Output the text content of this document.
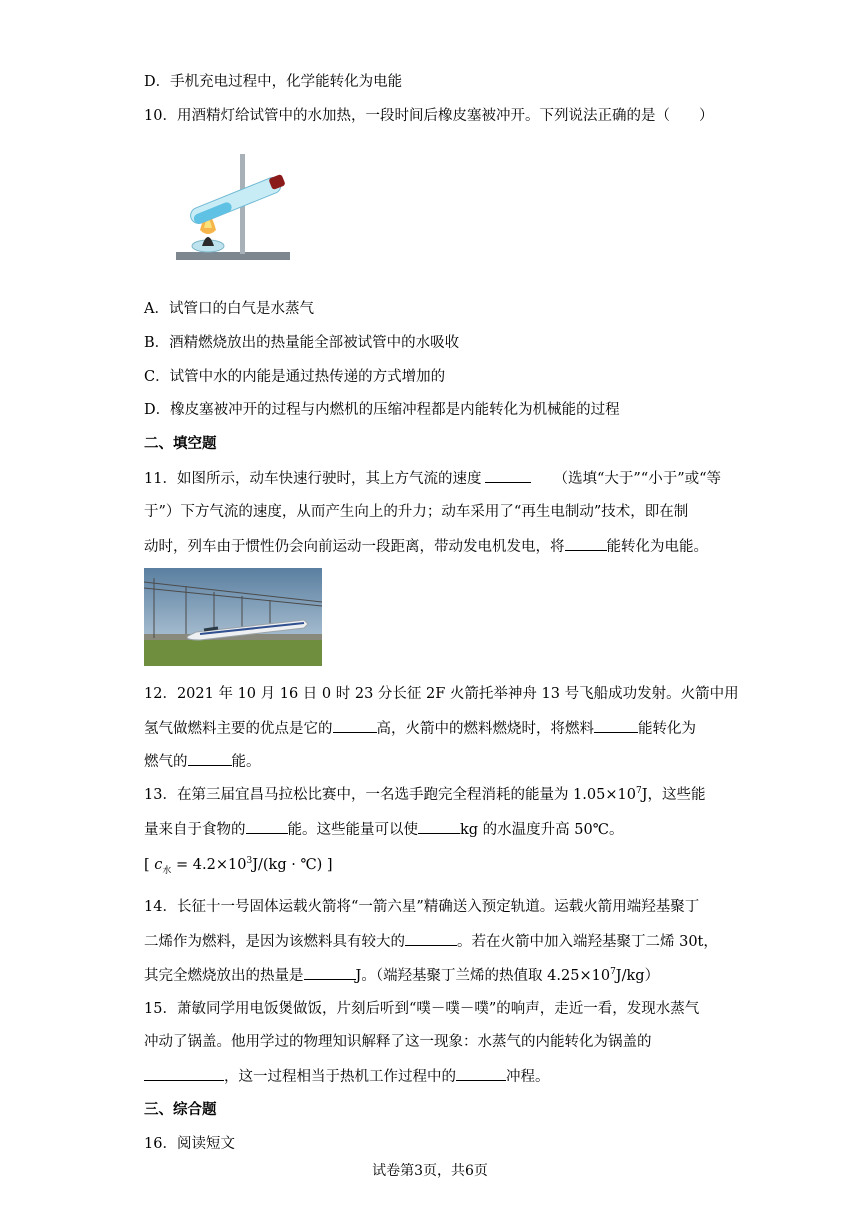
D．手机充电过程中，化学能转化为电能
10．用酒精灯给试管中的水加热，一段时间后橡皮塞被冲开。下列说法正确的是（　　）
A．试管口的白气是水蒸气
B．酒精燃烧放出的热量能全部被试管中的水吸收
C．试管中水的内能是通过热传递的方式增加的
D．橡皮塞被冲开的过程与内燃机的压缩冲程都是内能转化为机械能的过程
二、填空题
11．如图所示，动车快速行驶时，其上方气流的速度	（选填“大于”“小于”或“等
于”）下方气流的速度，从而产生向上的升力；动车采用了“再生电制动”技术，即在制
动时，列车由于惯性仍会向前运动一段距离，带动发电机发电，将	能转化为电能。
12．2021 年 10 月 16 日 0 时 23 分长征 2F 火箭托举神舟 13 号飞船成功发射。火箭中用
氢气做燃料主要的优点是它的	高，火箭中的燃料燃烧时，将燃料	能转化为
燃气的	能。
13．在第三届宜昌马拉松比赛中，一名选手跑完全程消耗的能量为 $1.05\times 10^7J$，这些能
量来自于食物的	能。这些能量可以使	kg 的水温度升高 50℃。
[ $c_水 = 4.2\times 10^3J/(kg$ · ℃) ]
14．长征十一号固体运载火箭将“一箭六星”精确送入预定轨道。运载火箭用端羟基聚丁
二烯作为燃料，是因为该燃料具有较大的	。若在火箭中加入端羟基聚丁二烯 30t，
其完全燃烧放出的热量是	J。（端羟基聚丁兰烯的热值取 $4.25\times 10^7J/kg$）
15．萧敏同学用电饭煲做饭，片刻后听到“噗－噗－噗”的响声，走近一看，发现水蒸气
冲动了锅盖。他用学过的物理知识解释了这一现象：水蒸气的内能转化为锅盖的
，这一过程相当于热机工作过程中的	冲程。
三、综合题
16．阅读短文
试卷第3页，共6页
